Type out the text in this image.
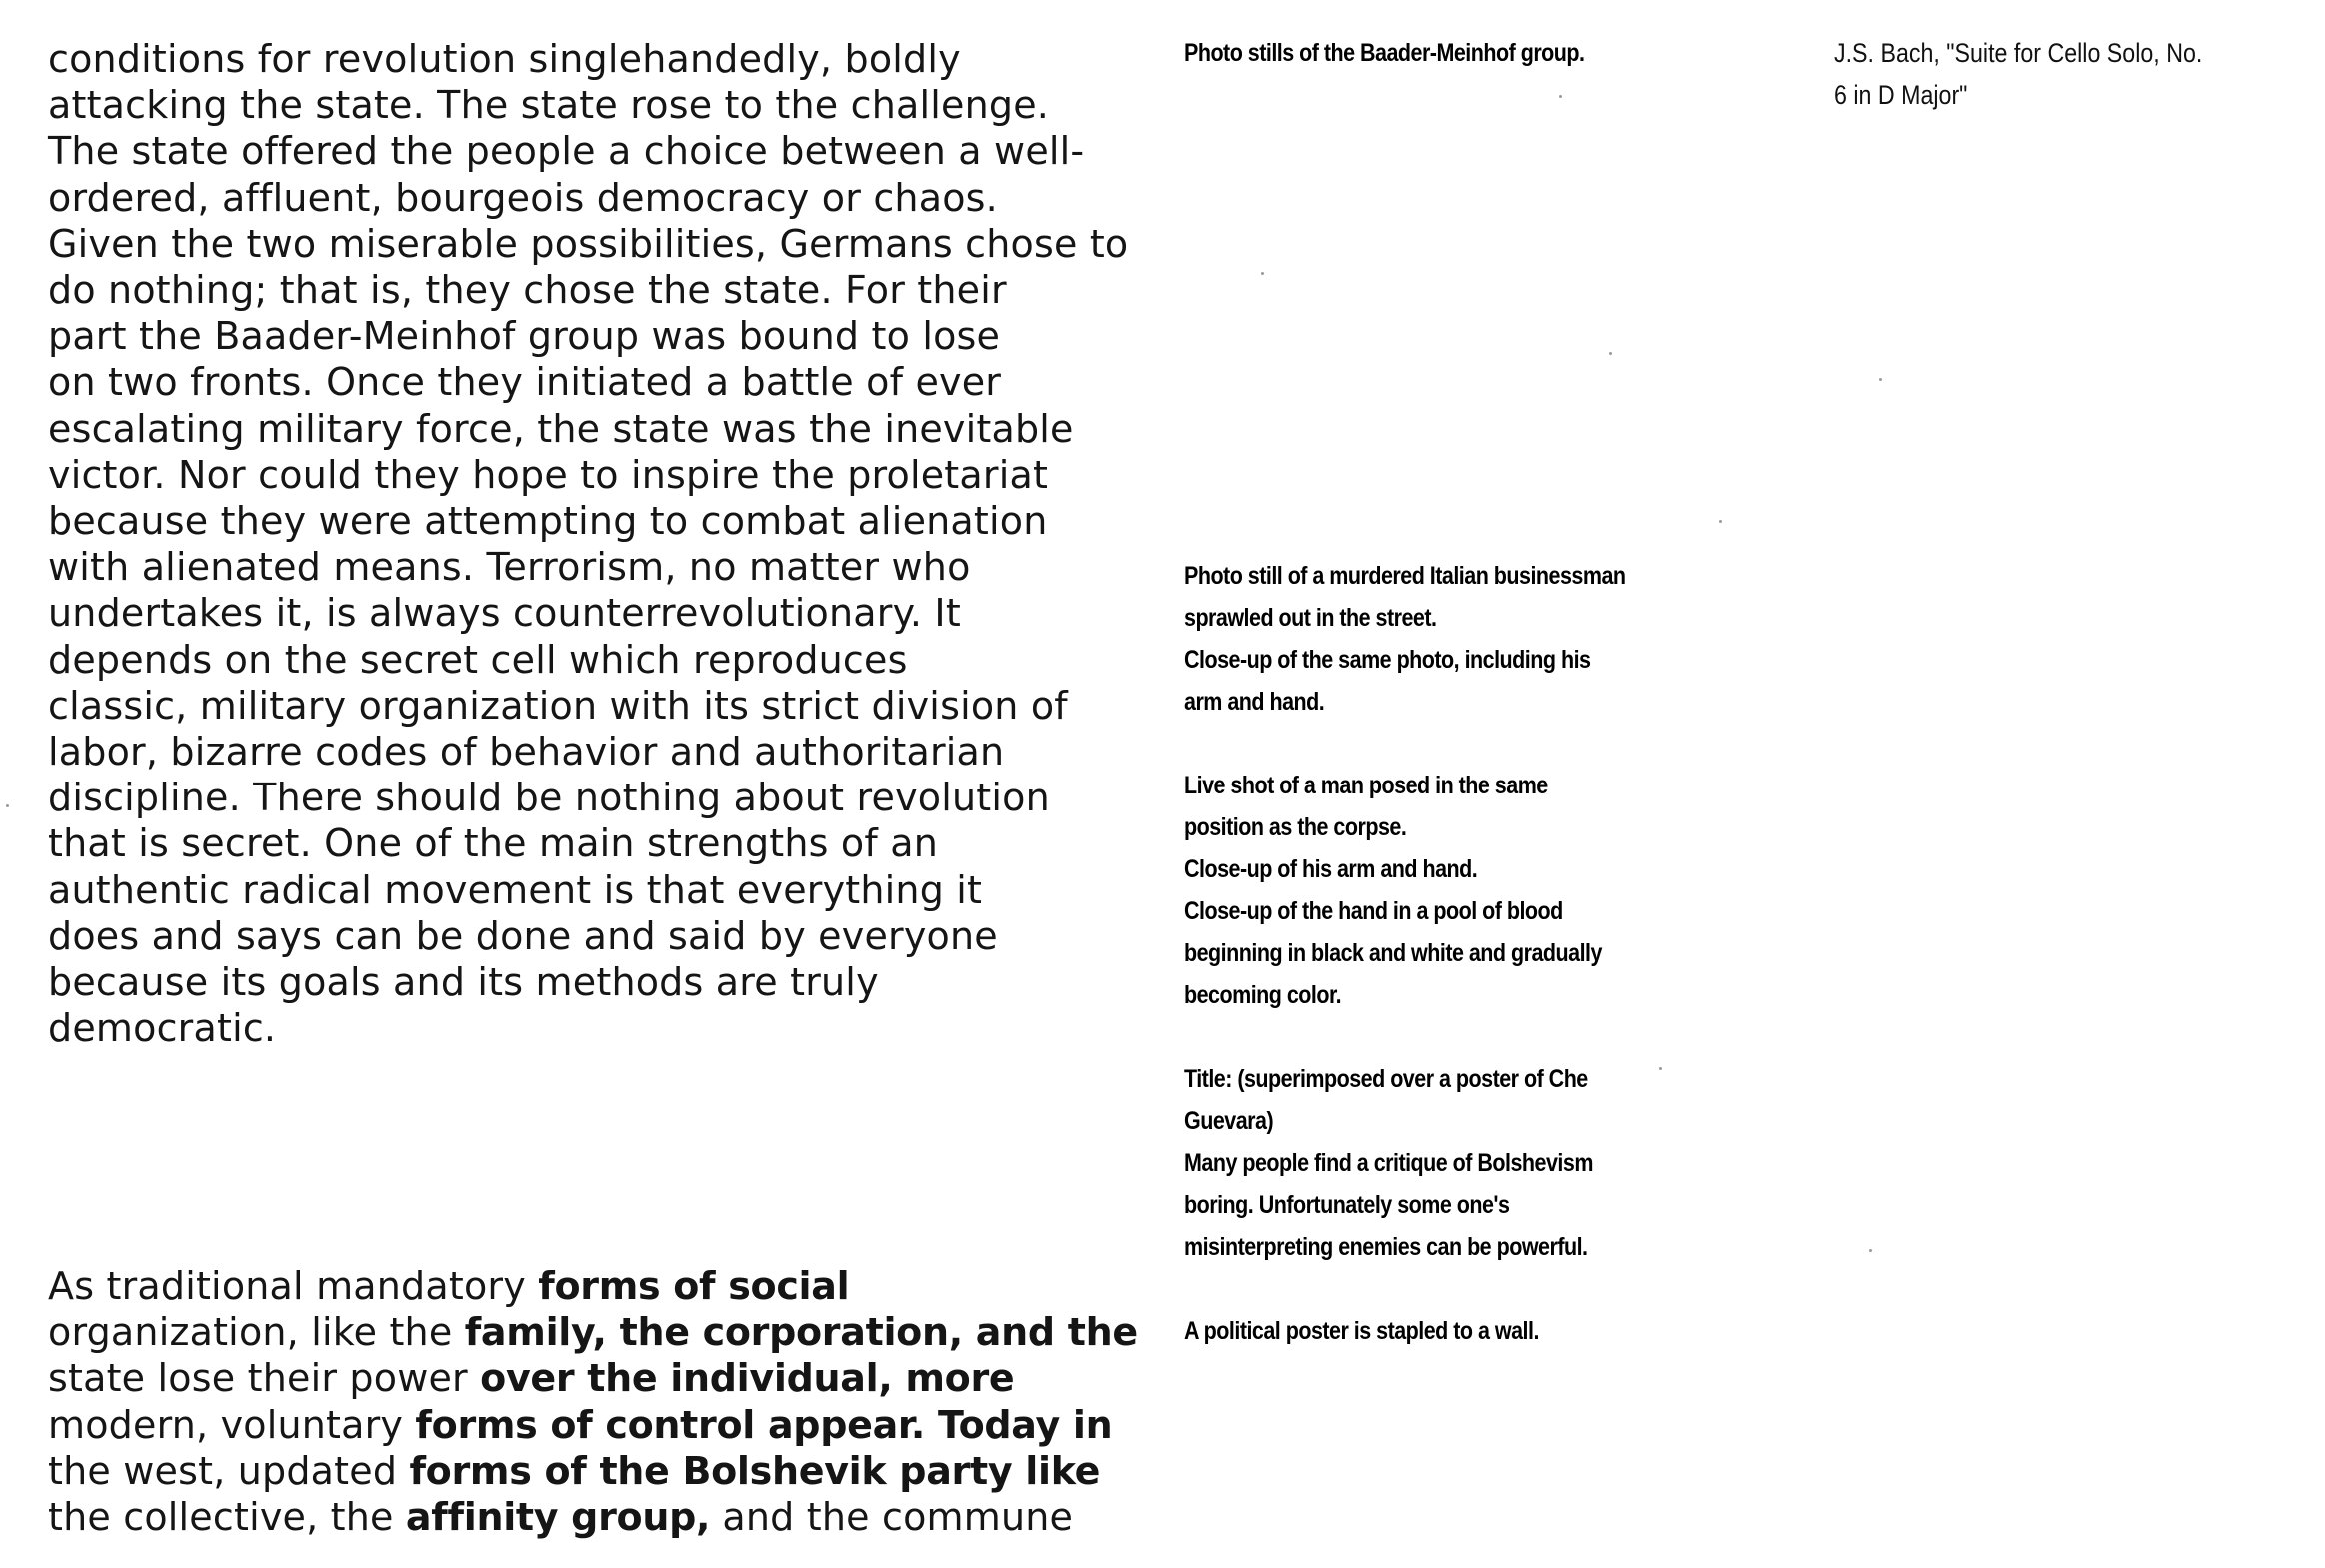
conditions for revolution singlehandedly, boldly
attacking the state. The state rose to the challenge.
The state offered the people a choice between a well-
ordered, affluent, bourgeois democracy or chaos.
Given the two miserable possibilities, Germans chose to
do nothing; that is, they chose the state. For their
part the Baader-Meinhof group was bound to lose
on two fronts. Once they initiated a battle of ever
escalating military force, the state was the inevitable
victor. Nor could they hope to inspire the proletariat
because they were attempting to combat alienation
with alienated means. Terrorism, no matter who
undertakes it, is always counterrevolutionary. It
depends on the secret cell which reproduces
classic, military organization with its strict division of
labor, bizarre codes of behavior and authoritarian
discipline. There should be nothing about revolution
that is secret. One of the main strengths of an
authentic radical movement is that everything it
does and says can be done and said by everyone
because its goals and its methods are truly
democratic.
As traditional mandatory forms of social
organization, like the family, the corporation, and the
state lose their power over the individual, more
modern, voluntary forms of control appear. Today in
the west, updated forms of the Bolshevik party like
the collective, the affinity group, and the commune
Photo stills of the Baader-Meinhof group.
Photo still of a murdered Italian businessman
sprawled out in the street.
Close-up of the same photo, including his
arm and hand.
Live shot of a man posed in the same
position as the corpse.
Close-up of his arm and hand.
Close-up of the hand in a pool of blood
beginning in black and white and gradually
becoming color.
Title: (superimposed over a poster of Che
Guevara)
Many people find a critique of Bolshevism
boring. Unfortunately some one's
misinterpreting enemies can be powerful.
A political poster is stapled to a wall.
J.S. Bach, "Suite for Cello Solo, No.
6 in D Major"
